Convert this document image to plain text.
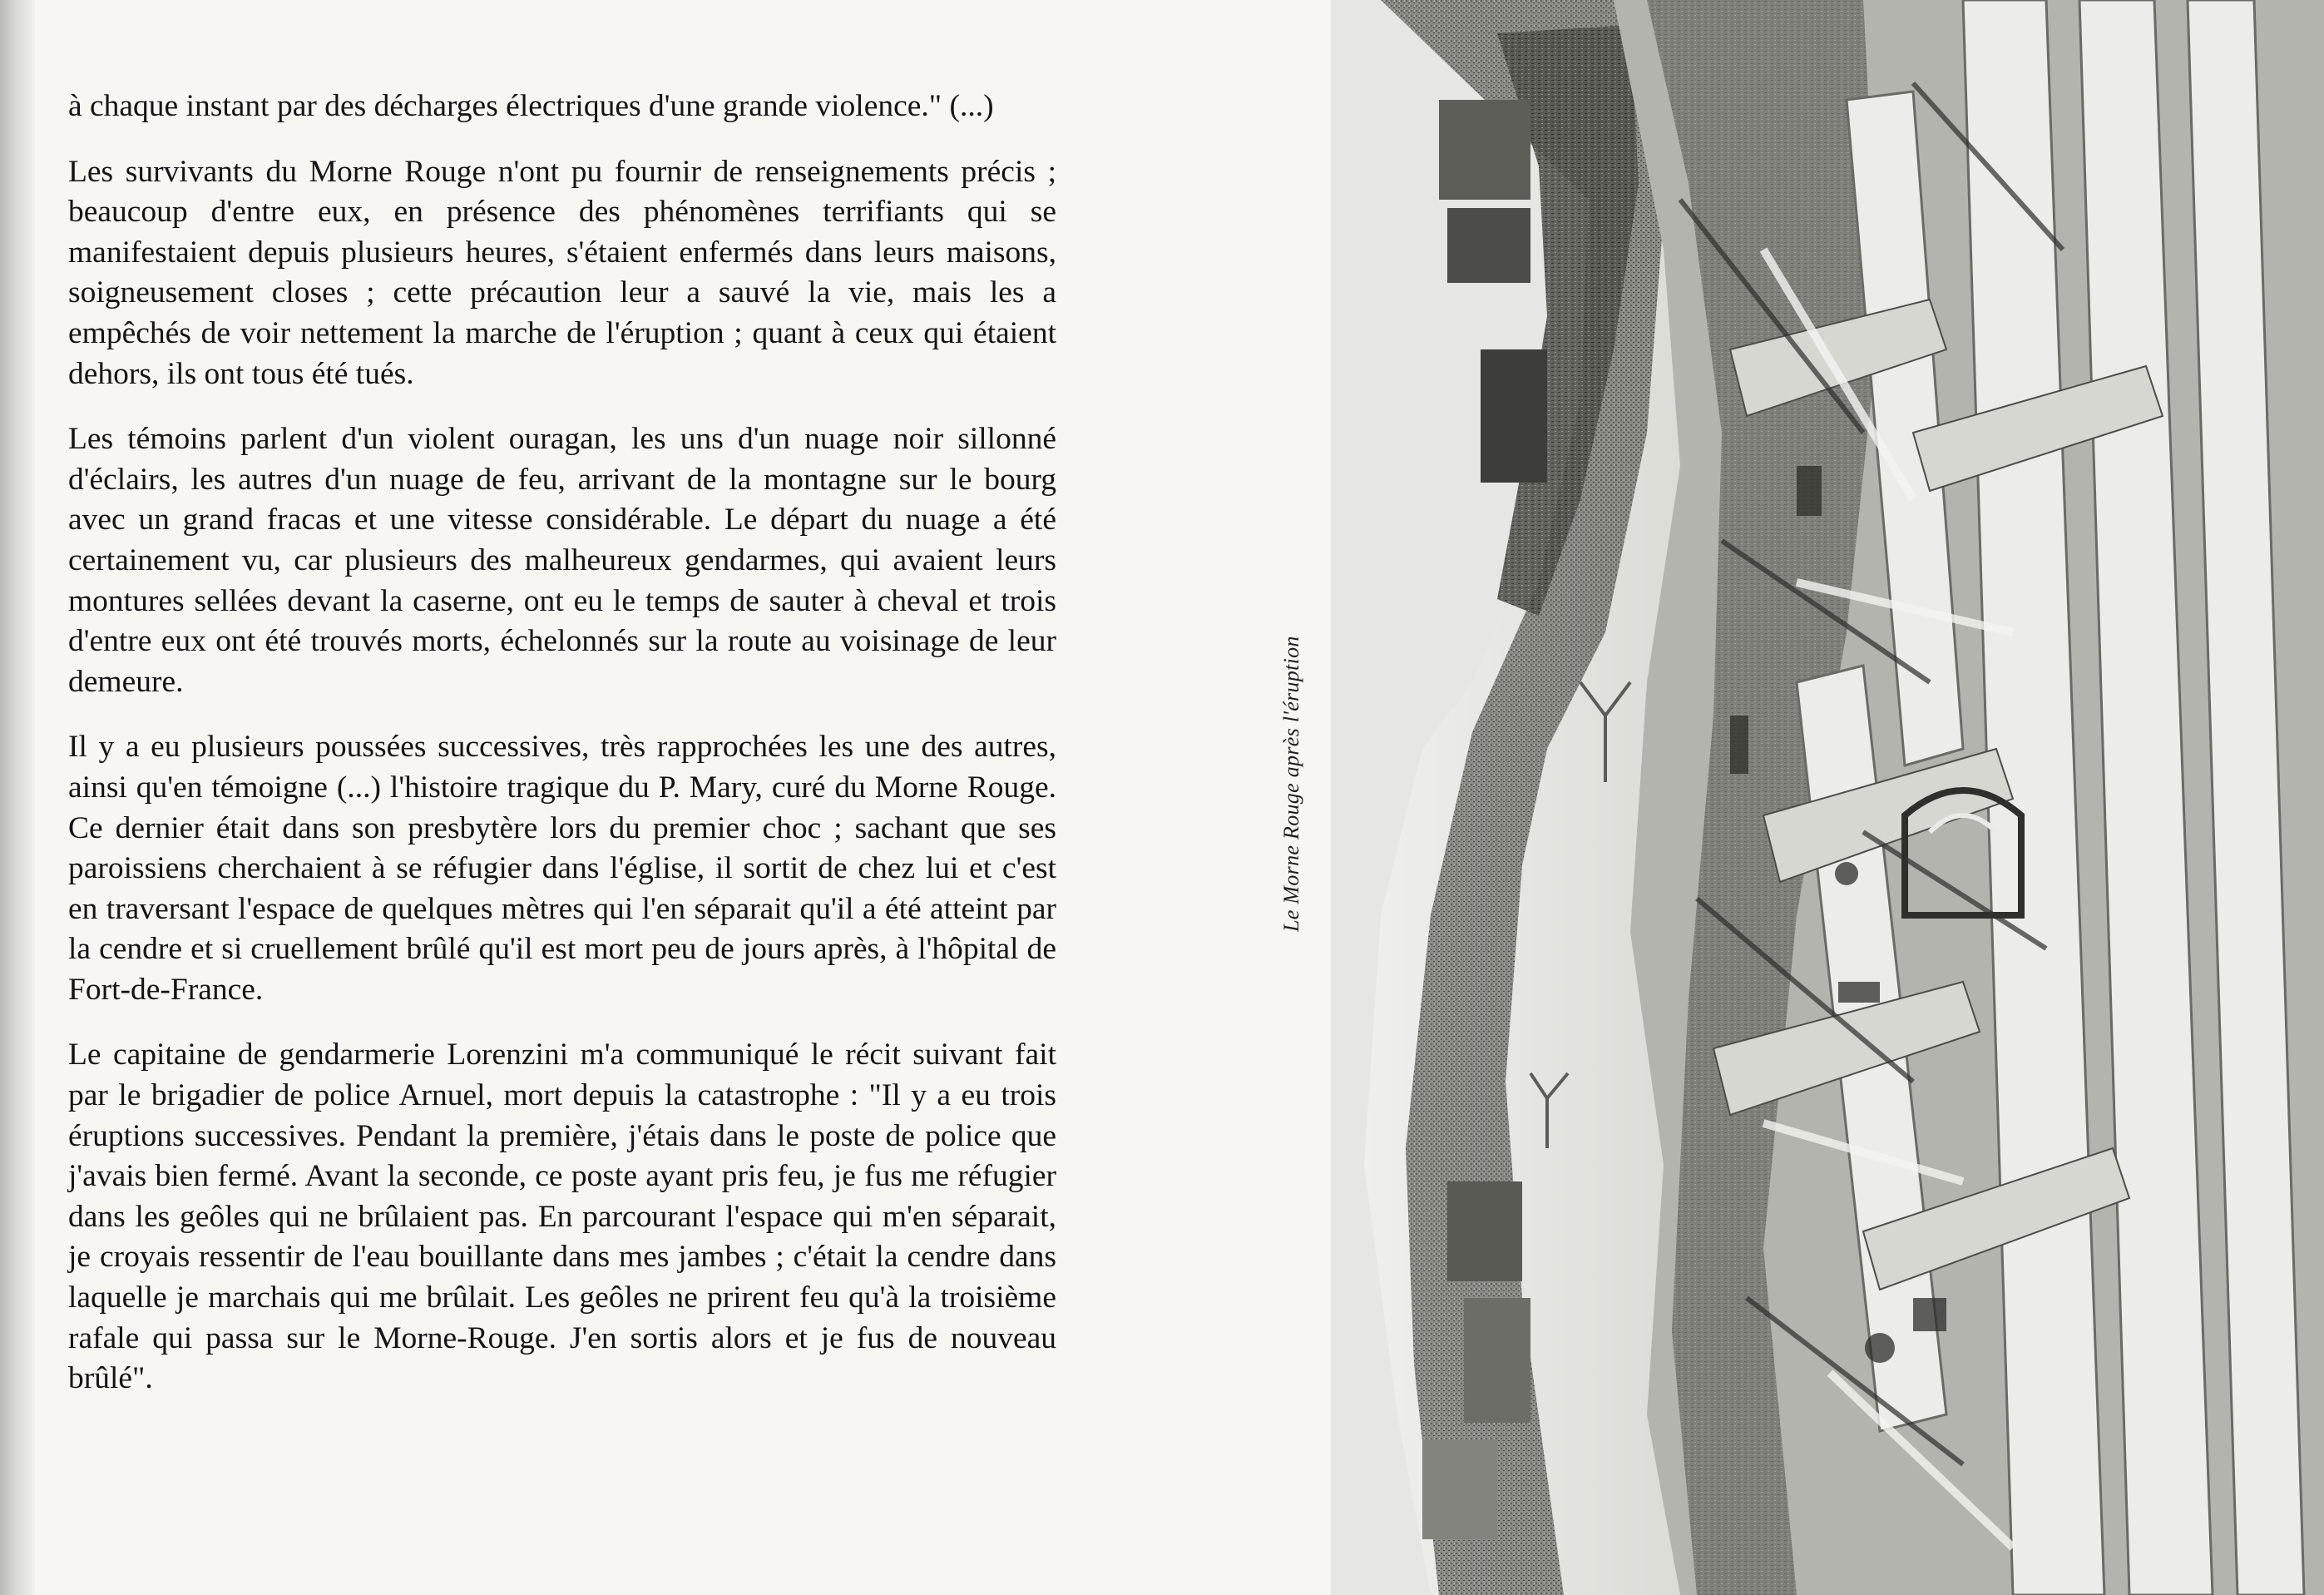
à chaque instant par des décharges électriques d'une grande violence." (...)

Les survivants du Morne Rouge n'ont pu fournir de renseignements précis ; beaucoup d'entre eux, en présence des phénomènes terrifiants qui se manifestaient depuis plusieurs heures, s'étaient enfermés dans leurs maisons, soigneusement closes ; cette précaution leur a sauvé la vie, mais les a empêchés de voir nettement la marche de l'éruption ; quant à ceux qui étaient dehors, ils ont tous été tués.

Les témoins parlent d'un violent ouragan, les uns d'un nuage noir sillonné d'éclairs, les autres d'un nuage de feu, arrivant de la montagne sur le bourg avec un grand fracas et une vitesse considérable. Le départ du nuage a été certainement vu, car plusieurs des malheureux gendarmes, qui avaient leurs montures sellées devant la caserne, ont eu le temps de sauter à cheval et trois d'entre eux ont été trouvés morts, échelonnés sur la route au voisinage de leur demeure.

Il y a eu plusieurs poussées successives, très rapprochées les une des autres, ainsi qu'en témoigne (...) l'histoire tragique du P. Mary, curé du Morne Rouge. Ce dernier était dans son presbytère lors du premier choc ; sachant que ses paroissiens cherchaient à se réfugier dans l'église, il sortit de chez lui et c'est en traversant l'espace de quelques mètres qui l'en séparait qu'il a été atteint par la cendre et si cruellement brûlé qu'il est mort peu de jours après, à l'hôpital de Fort-de-France.

Le capitaine de gendarmerie Lorenzini m'a communiqué le récit suivant fait par le brigadier de police Arnuel, mort depuis la catastrophe : "Il y a eu trois éruptions successives. Pendant la première, j'étais dans le poste de police que j'avais bien fermé. Avant la seconde, ce poste ayant pris feu, je fus me réfugier dans les geôles qui ne brûlaient pas. En parcourant l'espace qui m'en séparait, je croyais ressentir de l'eau bouillante dans mes jambes ; c'était la cendre dans laquelle je marchais qui me brûlait. Les geôles ne prirent feu qu'à la troisième rafale qui passa sur le Morne-Rouge. J'en sortis alors et je fus de nouveau brûlé".

Le Morne Rouge après l'éruption
